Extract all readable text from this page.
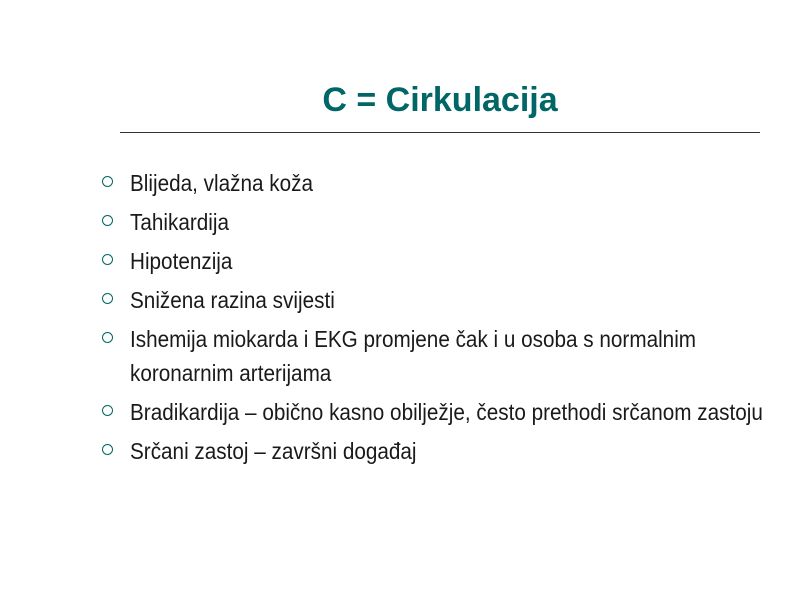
C = Cirkulacija
Blijeda, vlažna koža
Tahikardija
Hipotenzija
Snižena razina svijesti
Ishemija miokarda i EKG promjene čak i u osoba s normalnim koronarnim arterijama
Bradikardija – obično kasno obilježje, često prethodi srčanom zastoju
Srčani zastoj – završni događaj
